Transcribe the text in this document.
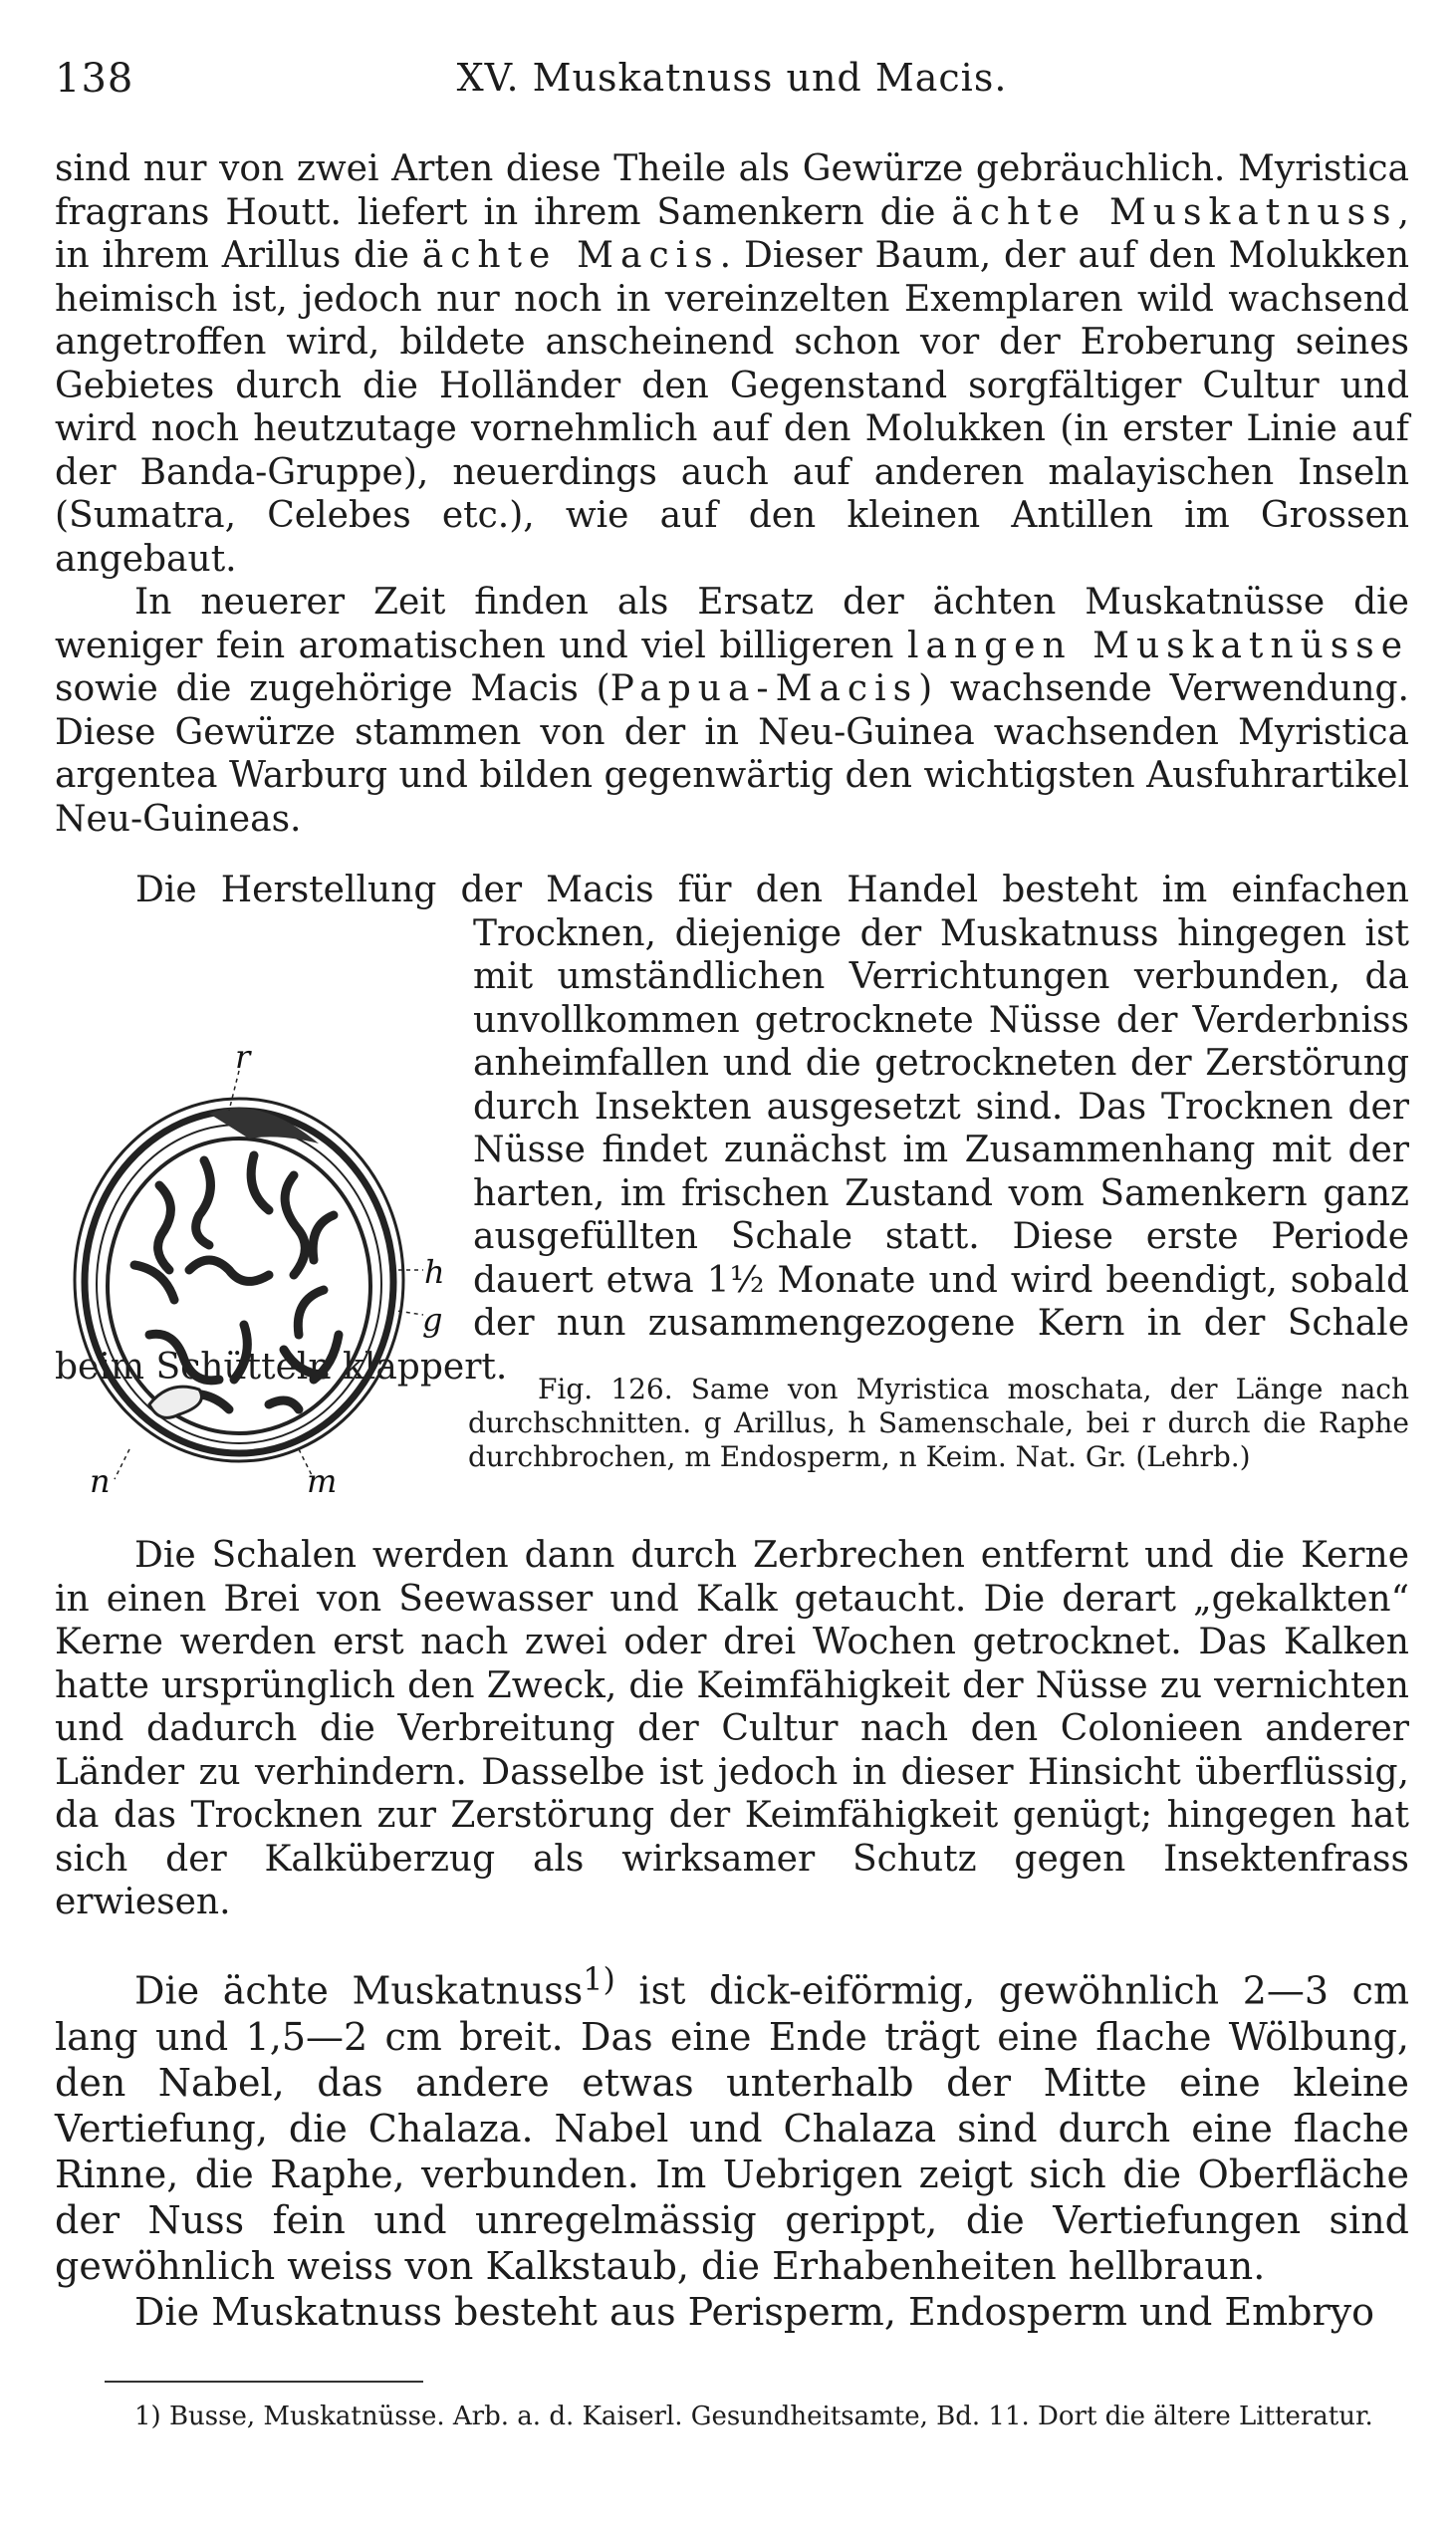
138	XV. Muskatnuss und Macis.

sind nur von zwei Arten diese Theile als Gewürze gebräuchlich. Myristica fragrans Houtt. liefert in ihrem Samenkern die ächte Muskatnuss, in ihrem Arillus die ächte Macis. Dieser Baum, der auf den Molukken heimisch ist, jedoch nur noch in vereinzelten Exemplaren wild wachsend angetroffen wird, bildete anscheinend schon vor der Eroberung seines Gebietes durch die Holländer den Gegenstand sorgfältiger Cultur und wird noch heutzutage vornehmlich auf den Molukken (in erster Linie auf der Banda-Gruppe), neuerdings auch auf anderen malayischen Inseln (Sumatra, Celebes etc.), wie auf den kleinen Antillen im Grossen angebaut.

In neuerer Zeit finden als Ersatz der ächten Muskatnüsse die weniger fein aromatischen und viel billigeren langen Muskatnüsse sowie die zugehörige Macis (Papua-Macis) wachsende Verwendung. Diese Gewürze stammen von der in Neu-Guinea wachsenden Myristica argentea Warburg und bilden gegenwärtig den wichtigsten Ausfuhrartikel Neu-Guineas.

Die Herstellung der Macis für den Handel besteht im einfachen Trocknen, diejenige der Muskatnuss hingegen ist mit umständlichen Verrichtungen verbunden, da unvollkommen getrocknete Nüsse der Verderbniss anheimfallen und die getrockneten der Zerstörung durch Insekten ausgesetzt sind. Das Trocknen der Nüsse findet zunächst im Zusammenhang mit der harten, im frischen Zustand vom Samenkern ganz ausgefüllten Schale statt. Diese erste Periode dauert etwa 1½ Monate und wird beendigt, sobald der nun zusammengezogene Kern in der Schale beim Schütteln klappert.

r
h
g
n	m

Fig. 126. Same von Myristica moschata, der Länge nach durchschnitten. g Arillus, h Samenschale, bei r durch die Raphe durchbrochen, m Endosperm, n Keim. Nat. Gr. (Lehrb.)

Die Schalen werden dann durch Zerbrechen entfernt und die Kerne in einen Brei von Seewasser und Kalk getaucht. Die derart „gekalkten“ Kerne werden erst nach zwei oder drei Wochen getrocknet. Das Kalken hatte ursprünglich den Zweck, die Keimfähigkeit der Nüsse zu vernichten und dadurch die Verbreitung der Cultur nach den Colonieen anderer Länder zu verhindern. Dasselbe ist jedoch in dieser Hinsicht überflüssig, da das Trocknen zur Zerstörung der Keimfähigkeit genügt; hingegen hat sich der Kalküberzug als wirksamer Schutz gegen Insektenfrass erwiesen.

Die ächte Muskatnuss$^{1)}$ ist dick-eiförmig, gewöhnlich 2—3 cm lang und 1,5—2 cm breit. Das eine Ende trägt eine flache Wölbung, den Nabel, das andere etwas unterhalb der Mitte eine kleine Vertiefung, die Chalaza. Nabel und Chalaza sind durch eine flache Rinne, die Raphe, verbunden. Im Uebrigen zeigt sich die Oberfläche der Nuss fein und unregelmässig gerippt, die Vertiefungen sind gewöhnlich weiss von Kalkstaub, die Erhabenheiten hellbraun.

Die Muskatnuss besteht aus Perisperm, Endosperm und Embryo

1) Busse, Muskatnüsse. Arb. a. d. Kaiserl. Gesundheitsamte, Bd. 11. Dort die ältere Litteratur.
